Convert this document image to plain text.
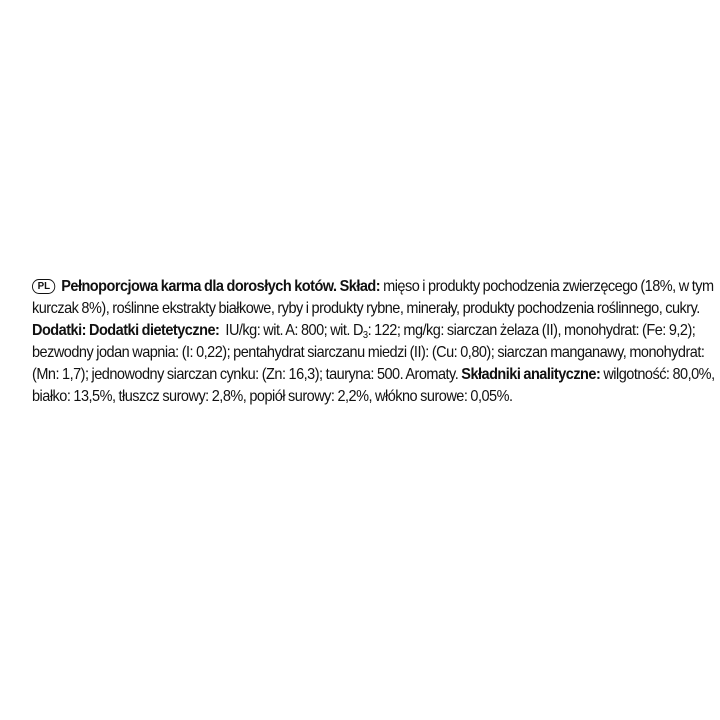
PL Pełnoporcjowa karma dla dorosłych kotów. Skład: mięso i produkty pochodzenia zwierzęcego (18%, w tym
kurczak 8%), roślinne ekstrakty białkowe, ryby i produkty rybne, minerały, produkty pochodzenia roślinnego, cukry.
Dodatki: Dodatki dietetyczne:  IU/kg: wit. A: 800; wit. $D_3$: 122; mg/kg: siarczan żelaza (II), monohydrat: (Fe: 9,2);
bezwodny jodan wapnia: (I: 0,22); pentahydrat siarczanu miedzi (II): (Cu: 0,80); siarczan manganawy, monohydrat:
(Mn: 1,7); jednowodny siarczan cynku: (Zn: 16,3); tauryna: 500. Aromaty. Składniki analityczne: wilgotność: 80,0%,
białko: 13,5%, tłuszcz surowy: 2,8%, popiół surowy: 2,2%, włókno surowe: 0,05%.
